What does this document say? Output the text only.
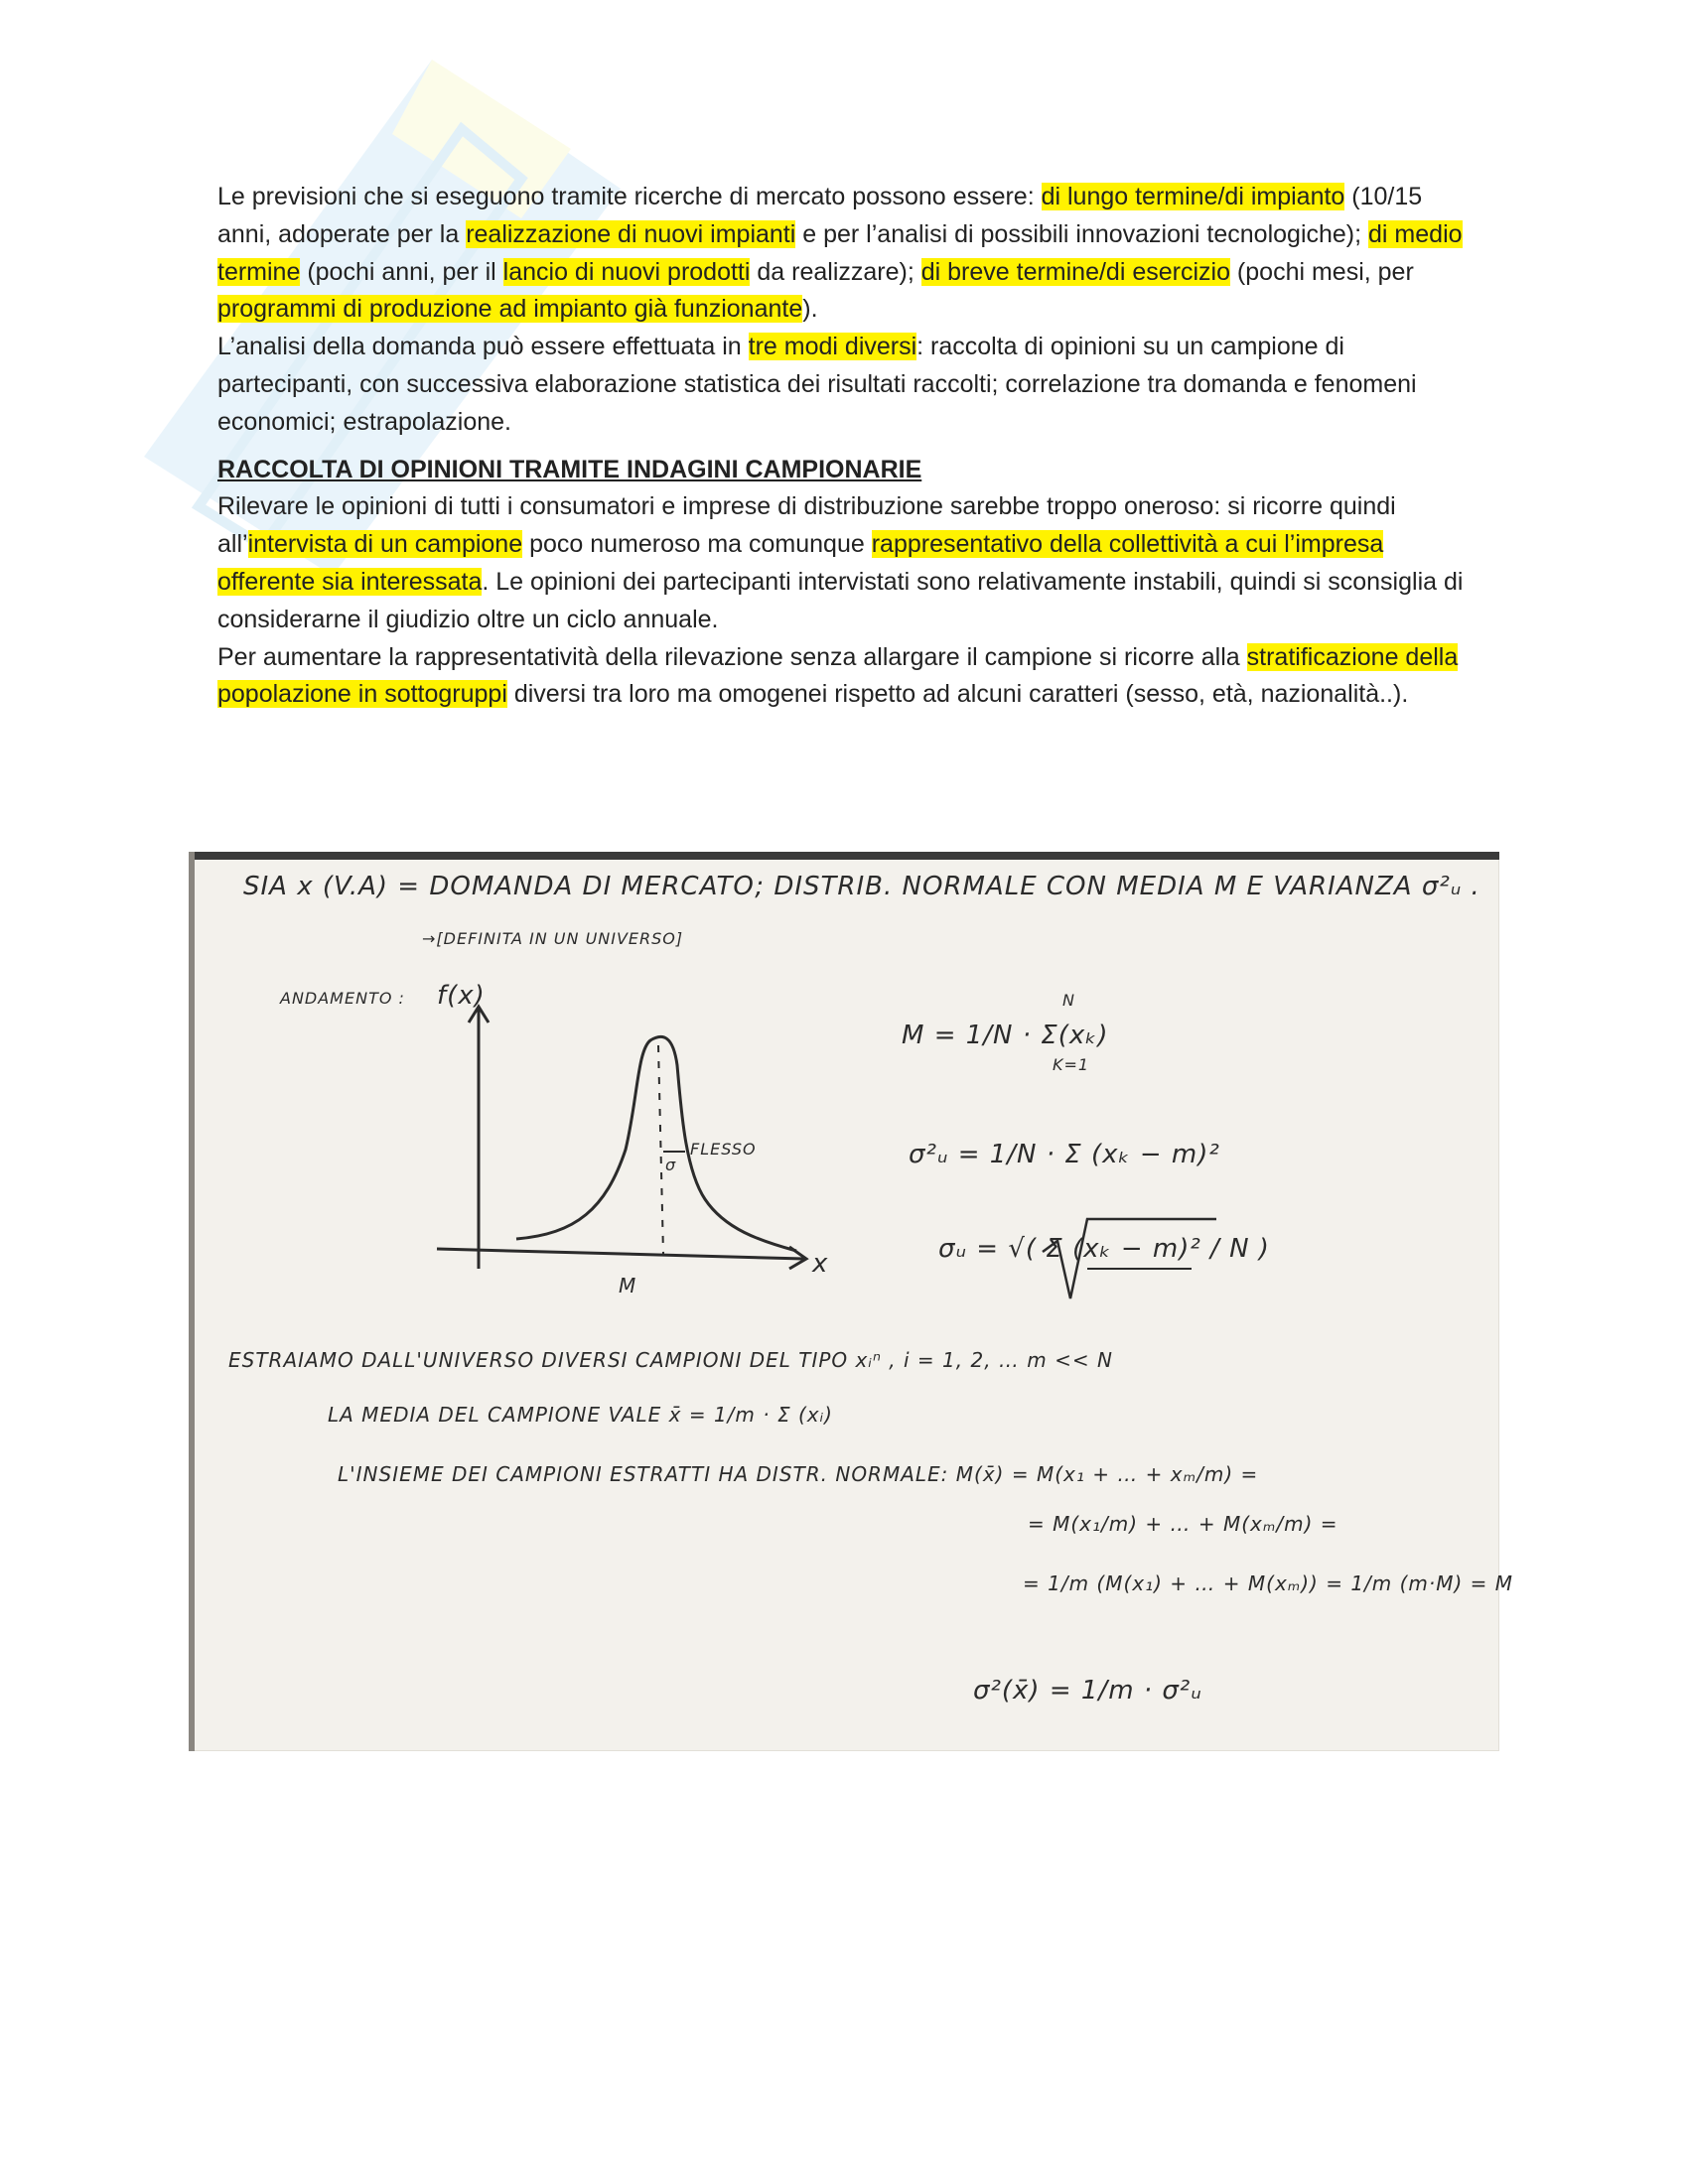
Le previsioni che si eseguono tramite ricerche di mercato possono essere: di lungo termine/di impianto (10/15 anni, adoperate per la realizzazione di nuovi impianti e per l’analisi di possibili innovazioni tecnologiche); di medio termine (pochi anni, per il lancio di nuovi prodotti da realizzare); di breve termine/di esercizio (pochi mesi, per programmi di produzione ad impianto già funzionante).

L’analisi della domanda può essere effettuata in tre modi diversi: raccolta di opinioni su un campione di partecipanti, con successiva elaborazione statistica dei risultati raccolti; correlazione tra domanda e fenomeni economici; estrapolazione.

RACCOLTA DI OPINIONI TRAMITE INDAGINI CAMPIONARIE

Rilevare le opinioni di tutti i consumatori e imprese di distribuzione sarebbe troppo oneroso: si ricorre quindi all’intervista di un campione poco numeroso ma comunque rappresentativo della collettività a cui l’impresa offerente sia interessata. Le opinioni dei partecipanti intervistati sono relativamente instabili, quindi si sconsiglia di considerarne il giudizio oltre un ciclo annuale.

Per aumentare la rappresentatività della rilevazione senza allargare il campione si ricorre alla stratificazione della popolazione in sottogruppi diversi tra loro ma omogenei rispetto ad alcuni caratteri (sesso, età, nazionalità..).

SIA x (V.A) = DOMANDA DI MERCATO; DISTRIB. NORMALE CON MEDIA M E VARIANZA σ²ᵤ .
→[DEFINITA IN UN UNIVERSO]
ANDAMENTO : f(x)
FLESSO
σ
x
M
M = 1/N · Σ(xₖ)
N
K=1
σ²ᵤ = 1/N · Σ (xₖ − m)²
σᵤ = √( Σ (xₖ − m)² / N )
ESTRAIAMO DALL'UNIVERSO DIVERSI CAMPIONI DEL TIPO xᵢⁿ , i = 1, 2, … m << N
LA MEDIA DEL CAMPIONE VALE x̄ = 1/m · Σ (xᵢ)
L'INSIEME DEI CAMPIONI ESTRATTI HA DISTR. NORMALE: M(x̄) = M(x₁ + … + xₘ/m) =
= M(x₁/m) + … + M(xₘ/m) =
= 1/m (M(x₁) + … + M(xₘ)) = 1/m (m·M) = M
σ²(x̄) = 1/m · σ²ᵤ
